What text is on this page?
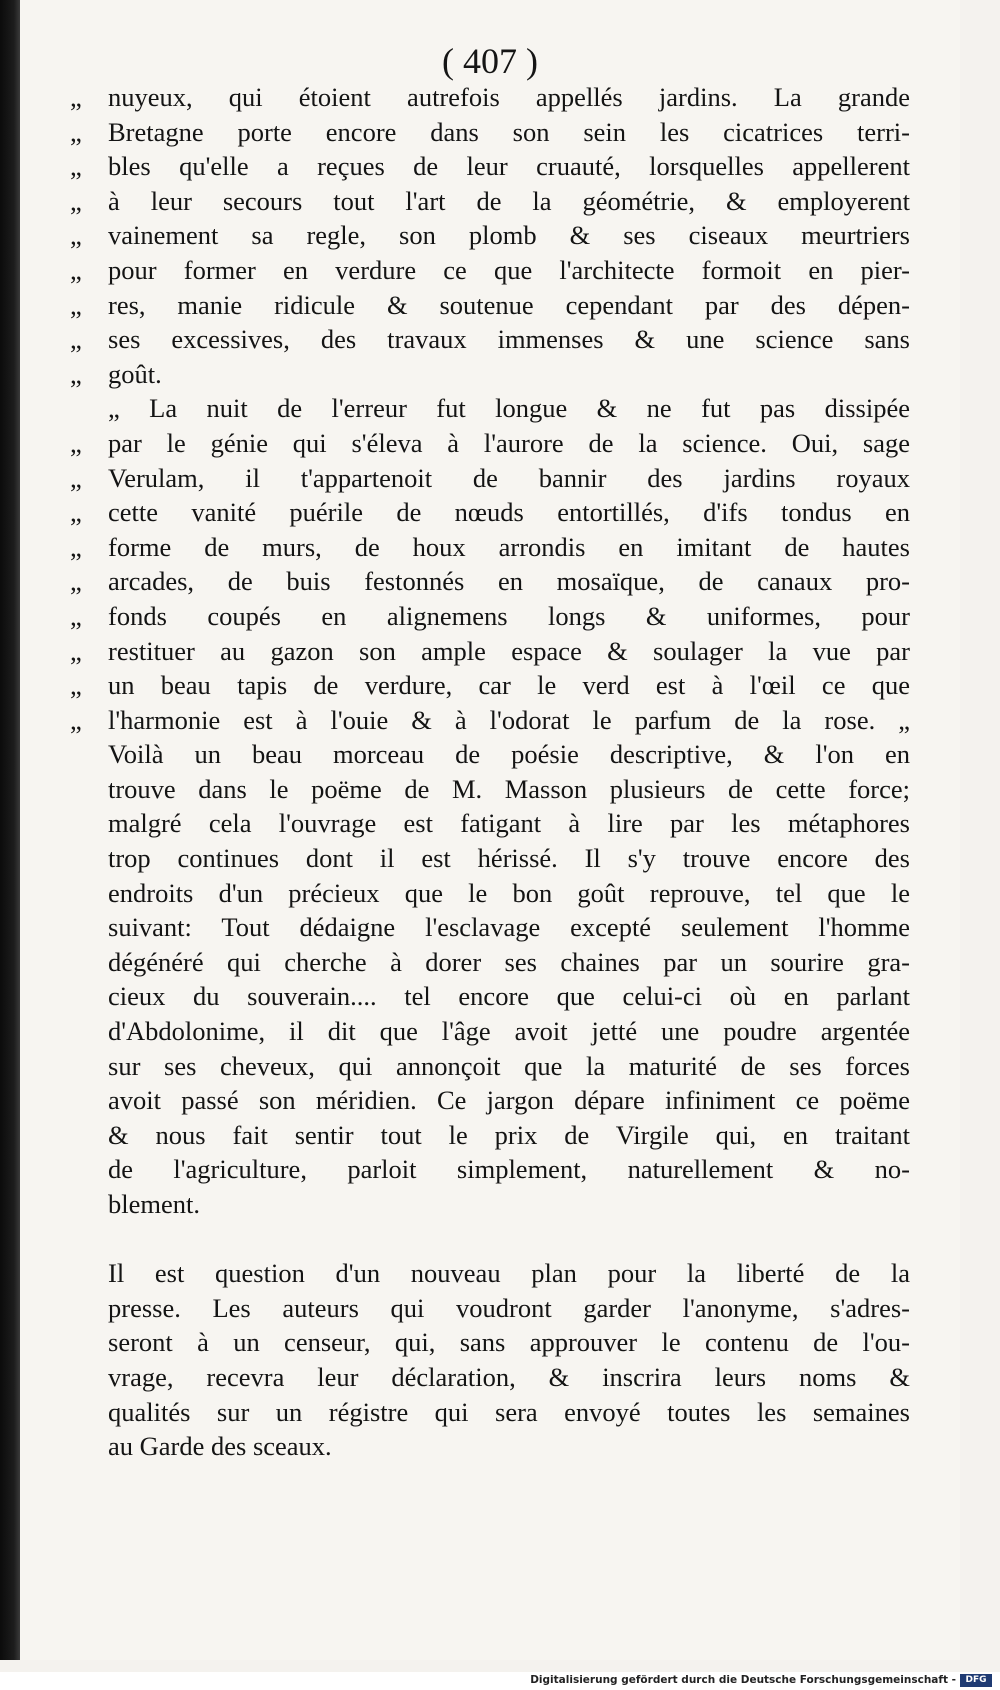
( 407 )
„ nuyeux, qui étoient autrefois appellés jardins. La grande
„ Bretagne porte encore dans son sein les cicatrices terri-
„ bles qu'elle a reçues de leur cruauté, lorsquelles appellerent
„ à leur secours tout l'art de la géométrie, & employerent
„ vainement sa regle, son plomb & ses ciseaux meurtriers
„ pour former en verdure ce que l'architecte formoit en pier-
„ res, manie ridicule & soutenue cependant par des dépen-
„ ses excessives, des travaux immenses & une science sans
„ goût.
„ La nuit de l'erreur fut longue & ne fut pas dissipée
„ par le génie qui s'éleva à l'aurore de la science. Oui, sage
„ Verulam, il t'appartenoit de bannir des jardins royaux
„ cette vanité puérile de nœuds entortillés, d'ifs tondus en
„ forme de murs, de houx arrondis en imitant de hautes
„ arcades, de buis festonnés en mosaïque, de canaux pro-
„ fonds coupés en alignemens longs & uniformes, pour
„ restituer au gazon son ample espace & soulager la vue par
„ un beau tapis de verdure, car le verd est à l'œil ce que
„ l'harmonie est à l'ouie & à l'odorat le parfum de la rose. „
Voilà un beau morceau de poésie descriptive, & l'on en
trouve dans le poëme de M. Masson plusieurs de cette force;
malgré cela l'ouvrage est fatigant à lire par les métaphores
trop continues dont il est hérissé. Il s'y trouve encore des
endroits d'un précieux que le bon goût reprouve, tel que le
suivant: Tout dédaigne l'esclavage excepté seulement l'homme
dégénéré qui cherche à dorer ses chaines par un sourire gra-
cieux du souverain.... tel encore que celui-ci où en parlant
d'Abdolonime, il dit que l'âge avoit jetté une poudre argentée
sur ses cheveux, qui annonçoit que la maturité de ses forces
avoit passé son méridien. Ce jargon dépare infiniment ce poëme
& nous fait sentir tout le prix de Virgile qui, en traitant
de l'agriculture, parloit simplement, naturellement & no-
blement.
Il est question d'un nouveau plan pour la liberté de la
presse. Les auteurs qui voudront garder l'anonyme, s'adres-
seront à un censeur, qui, sans approuver le contenu de l'ou-
vrage, recevra leur déclaration, & inscrira leurs noms &
qualités sur un régistre qui sera envoyé toutes les semaines
au Garde des sceaux.
Digitalisierung gefördert durch die Deutsche Forschungsgemeinschaft -	DFG
